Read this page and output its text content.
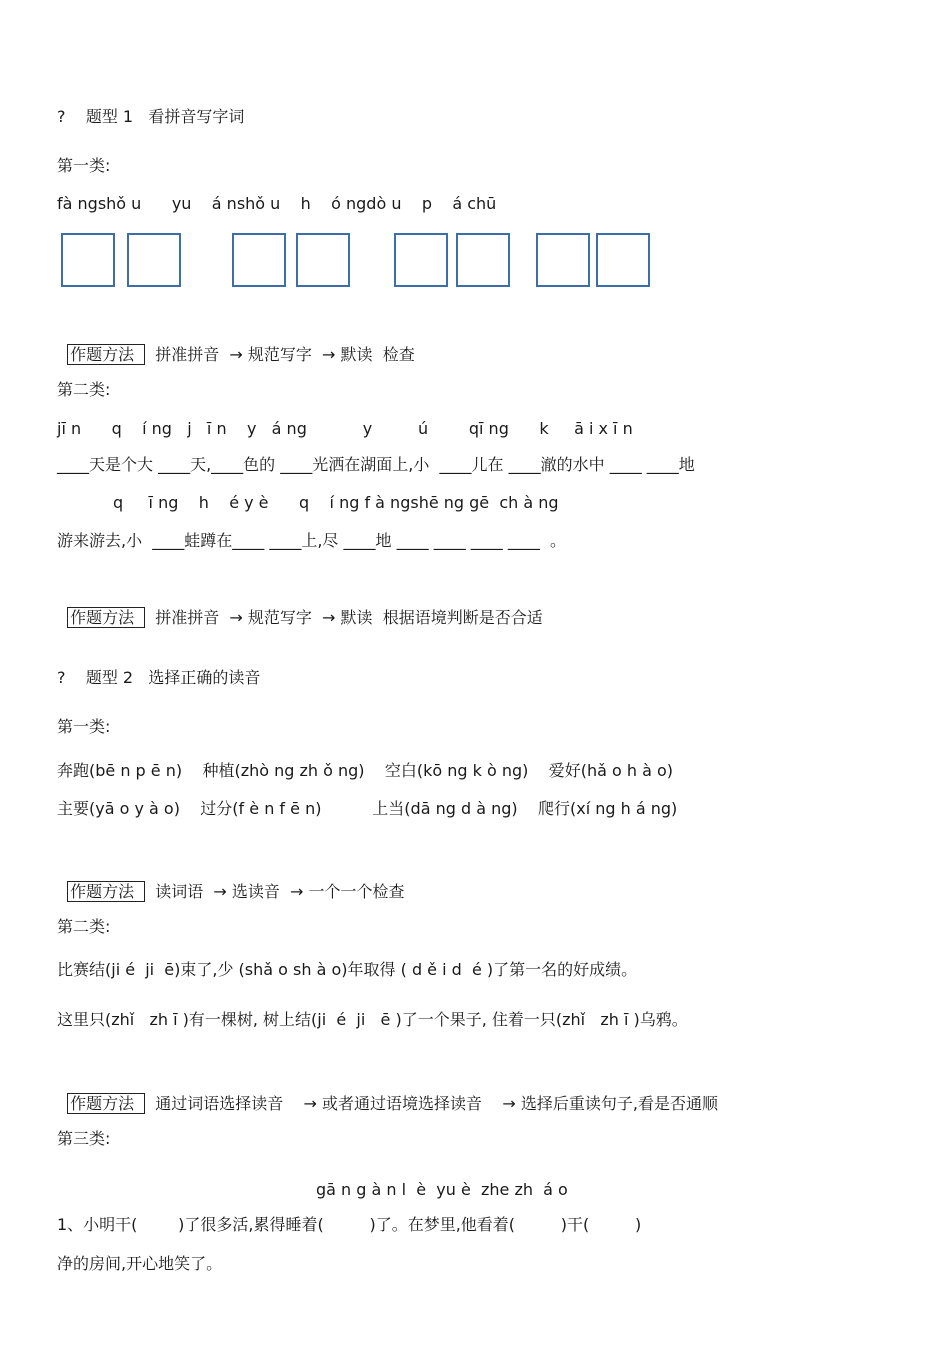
?    题型 1   看拼音写字词
第一类:
fà ngshǒ u      yu    á nshǒ u    h    ó ngdò u    p    á chū

作题方法 拼准拼音  → 规范写字  → 默读  检查

第二类:
jī n      q    í ng   j   ī n    y   á ng           y         ú        qī ng      k     ā i x ī n
____天是个大 ____天,____色的 ____光洒在湖面上,小  ____儿在 ____澈的水中 ____ ____地
q     ī ng    h    é y è      q    í ng f à ngshē ng gē  ch à ng
游来游去,小  ____蛙蹲在____ ____上,尽 ____地 ____ ____ ____ ____  。

作题方法 拼准拼音  → 规范写字  → 默读  根据语境判断是否合适

?    题型 2   选择正确的读音
第一类:
奔跑(bē n p ē n)    种植(zhò ng zh ǒ ng)    空白(kō ng k ò ng)    爱好(hǎ o h à o)
主要(yā o y à o)    过分(f è n f ē n)          上当(dā ng d à ng)    爬行(xí ng h á ng)

作题方法 读词语  → 选读音  → 一个一个检查

第二类:
比赛结(ji é  ji  ē)束了,少 (shǎ o sh à o)年取得 ( d ě i d  é )了第一名的好成绩。
这里只(zhǐ   zh ī )有一棵树, 树上结(ji  é  ji   ē )了一个果子, 住着一只(zhǐ   zh ī )乌鸦。

作题方法 通过词语选择读音    → 或者通过语境选择读音    → 选择后重读句子,看是否通顺

第三类:
gā n g à n l  è  yu è  zhe zh  á o
1、小明干(        )了很多活,累得睡着(         )了。在梦里,他看着(         )干(         )
净的房间,开心地笑了。
